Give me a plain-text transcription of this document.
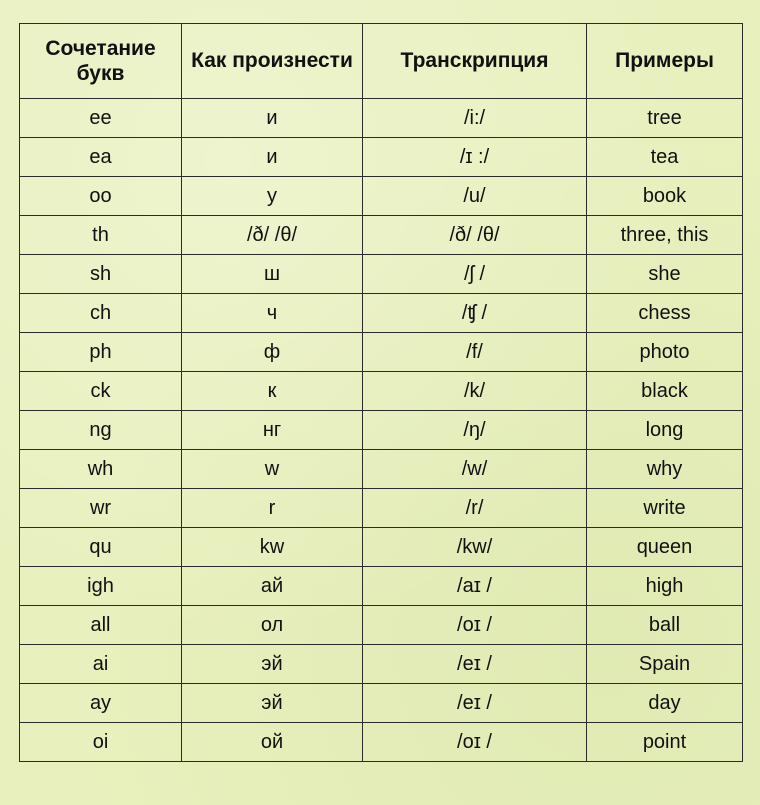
Сочетание букв	Как произнести	Транскрипция	Примеры
ee	и	/i:/	tree
ea	и	/ɪ :/	tea
oo	у	/u/	book
th	/ð/ /θ/	/ð/ /θ/	three, this
sh	ш	/ʃ /	she
ch	ч	/ʧ /	chess
ph	ф	/f/	photo
ck	к	/k/	black
ng	нг	/ŋ/	long
wh	w	/w/	why
wr	r	/r/	write
qu	kw	/kw/	queen
igh	ай	/aɪ /	high
all	ол	/oɪ /	ball
ai	эй	/eɪ /	Spain
ay	эй	/eɪ /	day
oi	ой	/oɪ /	point
